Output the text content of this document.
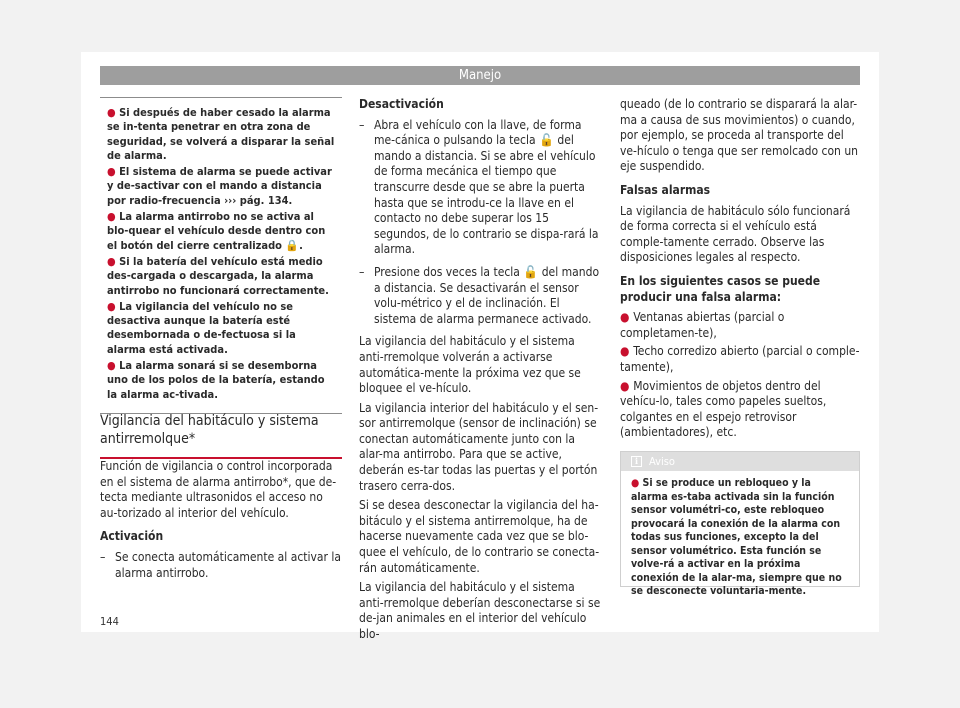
Manejo
● Si después de haber cesado la alarma se in-tenta penetrar en otra zona de seguridad, se volverá a disparar la señal de alarma.
● El sistema de alarma se puede activar y de-sactivar con el mando a distancia por radio-frecuencia ››› pág. 134.
● La alarma antirrobo no se activa al blo-quear el vehículo desde dentro con el botón del cierre centralizado 🔒.
● Si la batería del vehículo está medio des-cargada o descargada, la alarma antirrobo no funcionará correctamente.
● La vigilancia del vehículo no se desactiva aunque la batería esté desembornada o de-fectuosa si la alarma está activada.
● La alarma sonará si se desemborna uno de los polos de la batería, estando la alarma ac-tivada.
Vigilancia del habitáculo y sistema antirremolque*

Función de vigilancia o control incorporada en el sistema de alarma antirrobo*, que de-tecta mediante ultrasonidos el acceso no au-torizado al interior del vehículo.

Activación

– Se conecta automáticamente al activar la alarma antirrobo.

Desactivación

– Abra el vehículo con la llave, de forma me-cánica o pulsando la tecla 🔓 del mando a distancia. Si se abre el vehículo de forma mecánica el tiempo que transcurre desde que se abre la puerta hasta que se introdu-ce la llave en el contacto no debe superar los 15 segundos, de lo contrario se dispa-rará la alarma.
– Presione dos veces la tecla 🔓 del mando a distancia. Se desactivarán el sensor volu-métrico y el de inclinación. El sistema de alarma permanece activado.

La vigilancia del habitáculo y el sistema anti-rremolque volverán a activarse automática-mente la próxima vez que se bloquee el ve-hículo.

La vigilancia interior del habitáculo y el sen-sor antirremolque (sensor de inclinación) se conectan automáticamente junto con la alar-ma antirrobo. Para que se active, deberán es-tar todas las puertas y el portón trasero cerra-dos.

Si se desea desconectar la vigilancia del ha-bitáculo y el sistema antirremolque, ha de hacerse nuevamente cada vez que se blo-quee el vehículo, de lo contrario se conecta-rán automáticamente.

La vigilancia del habitáculo y el sistema anti-rremolque deberían desconectarse si se de-jan animales en el interior del vehículo blo-

queado (de lo contrario se disparará la alar-ma a causa de sus movimientos) o cuando, por ejemplo, se proceda al transporte del ve-hículo o tenga que ser remolcado con un eje suspendido.

Falsas alarmas

La vigilancia de habitáculo sólo funcionará de forma correcta si el vehículo está comple-tamente cerrado. Observe las disposiciones legales al respecto.

En los siguientes casos se puede producir una falsa alarma:

● Ventanas abiertas (parcial o completamen-te),
● Techo corredizo abierto (parcial o comple-tamente),
● Movimientos de objetos dentro del vehícu-lo, tales como papeles sueltos, colgantes en el espejo retrovisor (ambientadores), etc.
i Aviso
● Si se produce un rebloqueo y la alarma es-taba activada sin la función sensor volumétri-co, este rebloqueo provocará la conexión de la alarma con todas sus funciones, excepto la del sensor volumétrico. Esta función se volve-rá a activar en la próxima conexión de la alar-ma, siempre que no se desconecte voluntaria-mente.
144
